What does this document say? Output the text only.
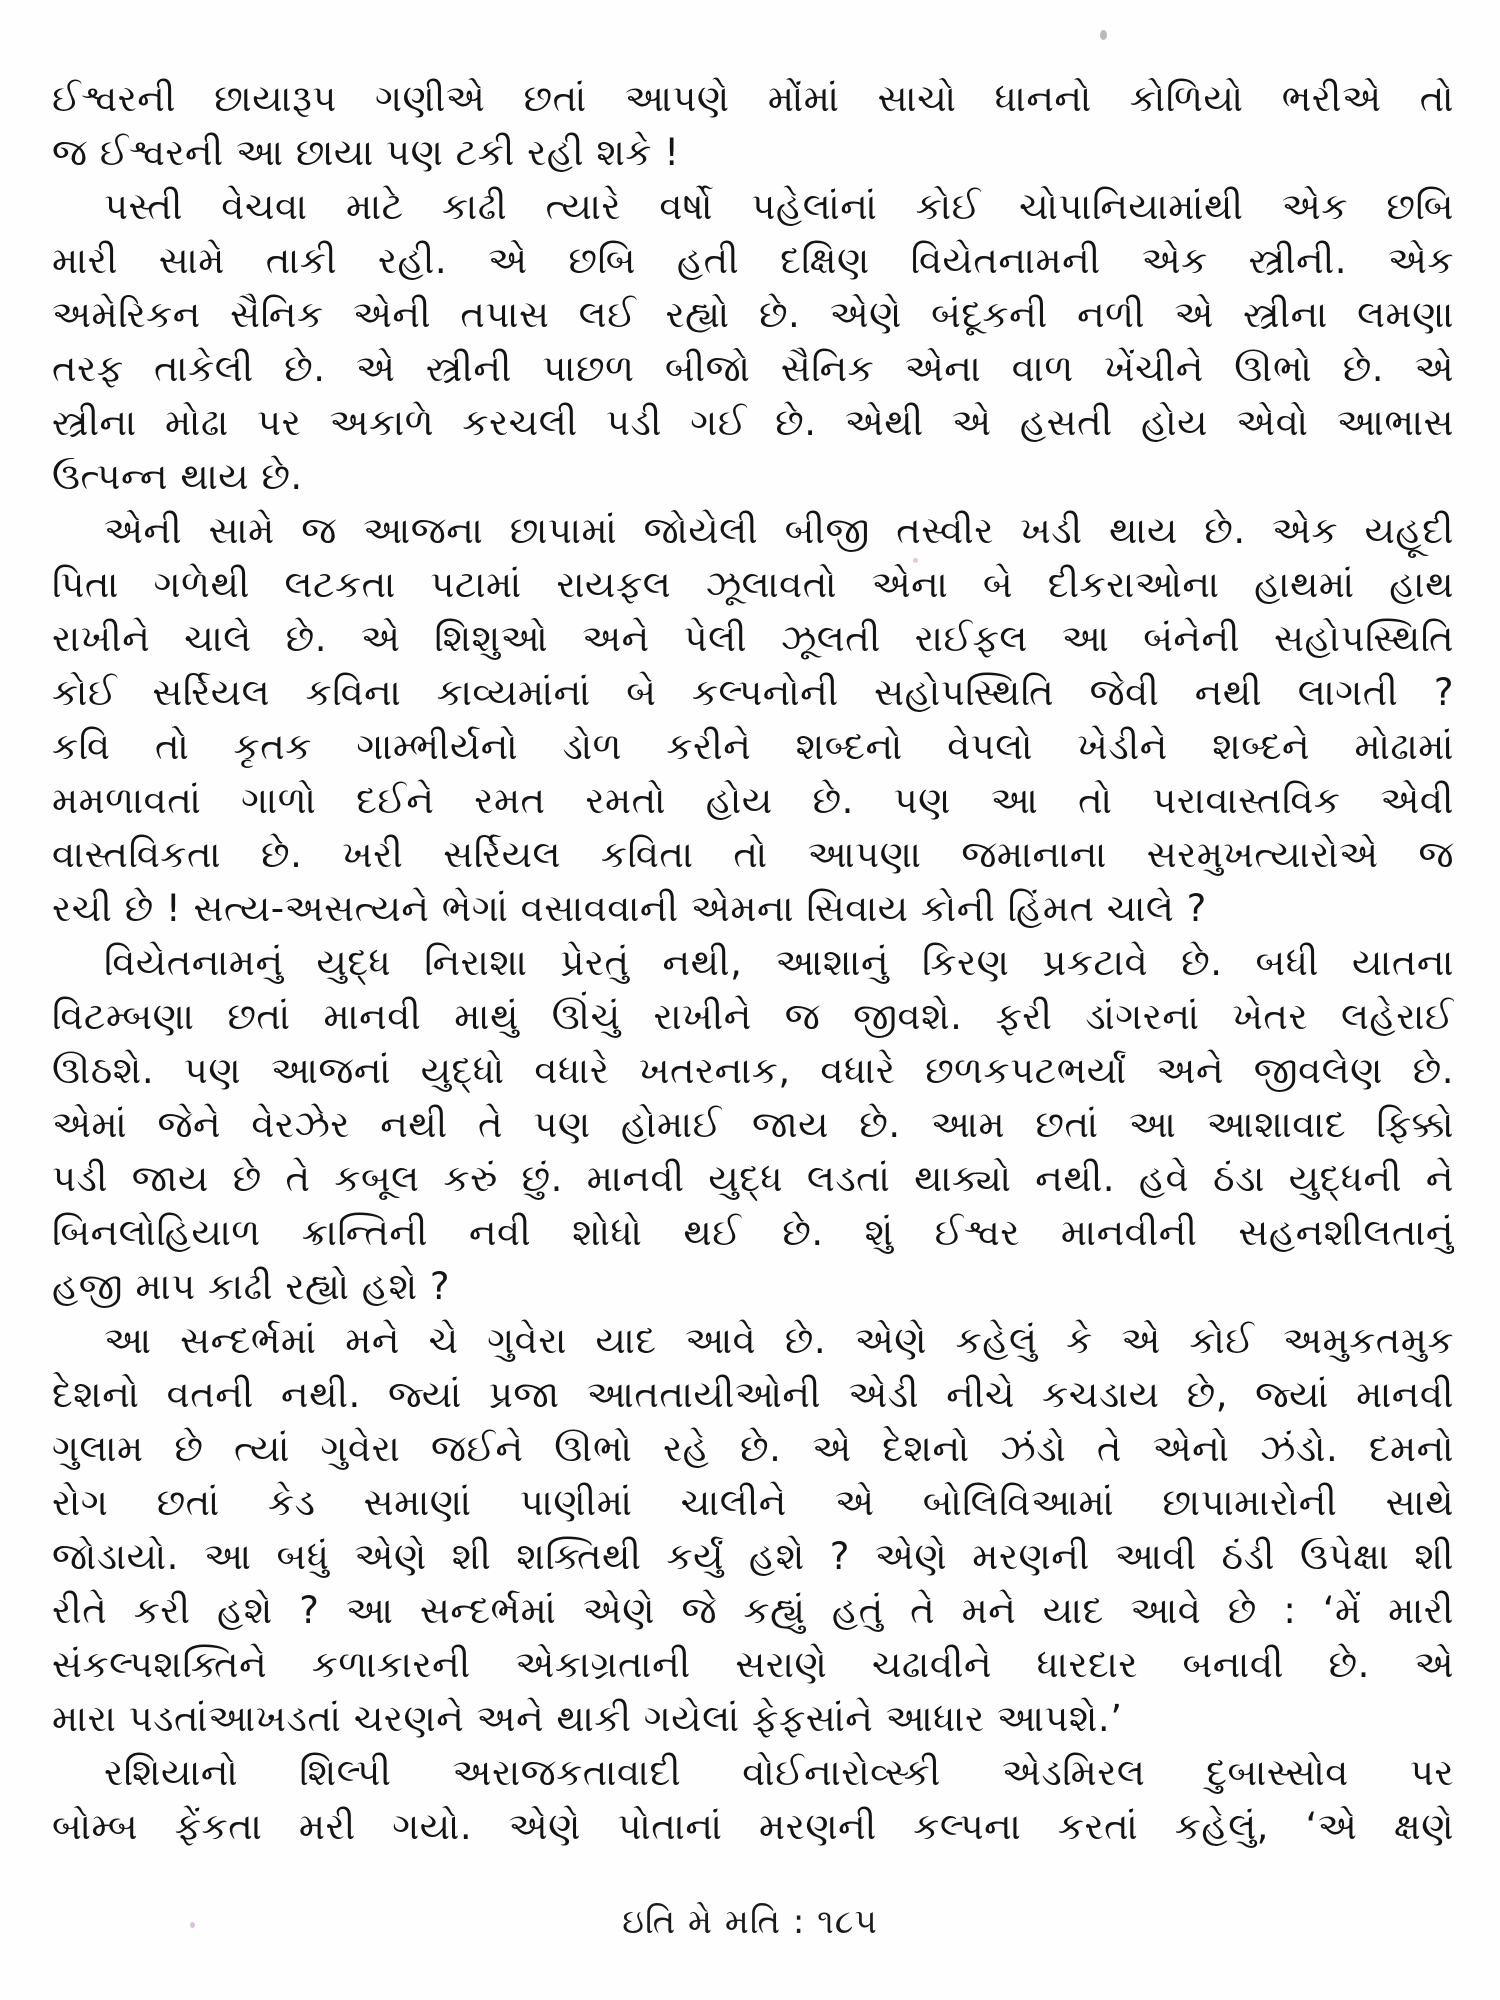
ઈશ્વરની છાયારૂપ ગણીએ છતાં આપણે મોંમાં સાચો ધાનનો કોળિયો ભરીએ તો
જ ઈશ્વરની આ છાયા પણ ટકી રહી શકે !
પસ્તી વેચવા માટે કાઢી ત્યારે વર્ષો પહેલાંનાં કોઈ ચોપાનિયામાંથી એક છબિ
મારી સામે તાકી રહી. એ છબિ હતી દક્ષિણ વિયેતનામની એક સ્ત્રીની. એક
અમેરિકન સૈનિક એની તપાસ લઈ રહ્યો છે. એણે બંદૂકની નળી એ સ્ત્રીના લમણા
તરફ તાકેલી છે. એ સ્ત્રીની પાછળ બીજો સૈનિક એના વાળ ખેંચીને ઊભો છે. એ
સ્ત્રીના મોઢા પર અકાળે કરચલી પડી ગઈ છે. એથી એ હસતી હોય એવો આભાસ
ઉત્પન્ન થાય છે.
એની સામે જ આજના છાપામાં જોયેલી બીજી તસ્વીર ખડી થાય છે. એક યહૂદી
પિતા ગળેથી લટકતા પટામાં રાયફલ ઝૂલાવતો એના બે દીકરાઓના હાથમાં હાથ
રાખીને ચાલે છે. એ શિશુઓ અને પેલી ઝૂલતી રાઈફલ આ બંનેની સહોપસ્થિતિ
કોઈ સર્રિયલ કવિના કાવ્યમાંનાં બે કલ્પનોની સહોપસ્થિતિ જેવી નથી લાગતી ?
કવિ તો કૃતક ગામ્ભીર્યનો ડોળ કરીને શબ્દનો વેપલો ખેડીને શબ્દને મોઢામાં
મમળાવતાં ગાળો દઈને રમત રમતો હોય છે. પણ આ તો પરાવાસ્તવિક એવી
વાસ્તવિકતા છે. ખરી સર્રિયલ કવિતા તો આપણા જમાનાના સરમુખત્યારોએ જ
રચી છે ! સત્ય-અસત્યને ભેગાં વસાવવાની એમના સિવાય કોની હિંમત ચાલે ?
વિયેતનામનું યુદ્ધ નિરાશા પ્રેરતું નથી, આશાનું કિરણ પ્રકટાવે છે. બધી યાતના
વિટમ્બણા છતાં માનવી માથું ઊંચું રાખીને જ જીવશે. ફરી ડાંગરનાં ખેતર લહેરાઈ
ઊઠશે. પણ આજનાં યુદ્ધો વધારે ખતરનાક, વધારે છળકપટભર્યાં અને જીવલેણ છે.
એમાં જેને વેરઝેર નથી તે પણ હોમાઈ જાય છે. આમ છતાં આ આશાવાદ ફિક્કો
પડી જાય છે તે કબૂલ કરું છું. માનવી યુદ્ધ લડતાં થાક્યો નથી. હવે ઠંડા યુદ્ધની ને
બિનલોહિયાળ ક્રાન્તિની નવી શોધો થઈ છે. શું ઈશ્વર માનવીની સહનશીલતાનું
હજી માપ કાઢી રહ્યો હશે ?
આ સન્દર્ભમાં મને ચે ગુવેરા યાદ આવે છે. એણે કહેલું કે એ કોઈ અમુકતમુક
દેશનો વતની નથી. જ્યાં પ્રજા આતતાયીઓની એડી નીચે કચડાય છે, જ્યાં માનવી
ગુલામ છે ત્યાં ગુવેરા જઈને ઊભો રહે છે. એ દેશનો ઝંડો તે એનો ઝંડો. દમનો
રોગ છતાં કેડ સમાણાં પાણીમાં ચાલીને એ બોલિવિઆમાં છાપામારોની સાથે
જોડાયો. આ બધું એણે શી શક્તિથી કર્યું હશે ? એણે મરણની આવી ઠંડી ઉપેક્ષા શી
રીતે કરી હશે ? આ સન્દર્ભમાં એણે જે કહ્યું હતું તે મને યાદ આવે છે : ‘મેં મારી
સંકલ્પશક્તિને કળાકારની એકાગ્રતાની સરાણે ચઢાવીને ધારદાર બનાવી છે. એ
મારા પડતાંઆખડતાં ચરણને અને થાકી ગયેલાં ફેફસાંને આધાર આપશે.’
રશિયાનો શિલ્પી અરાજકતાવાદી વોઈનારોવ્સ્કી એડમિરલ દુબાસ્સોવ પર
બોમ્બ ફેંકતા મરી ગયો. એણે પોતાનાં મરણની કલ્પના કરતાં કહેલું, ‘એ ક્ષણે
ઇતિ મે મતિ : ૧૮૫
